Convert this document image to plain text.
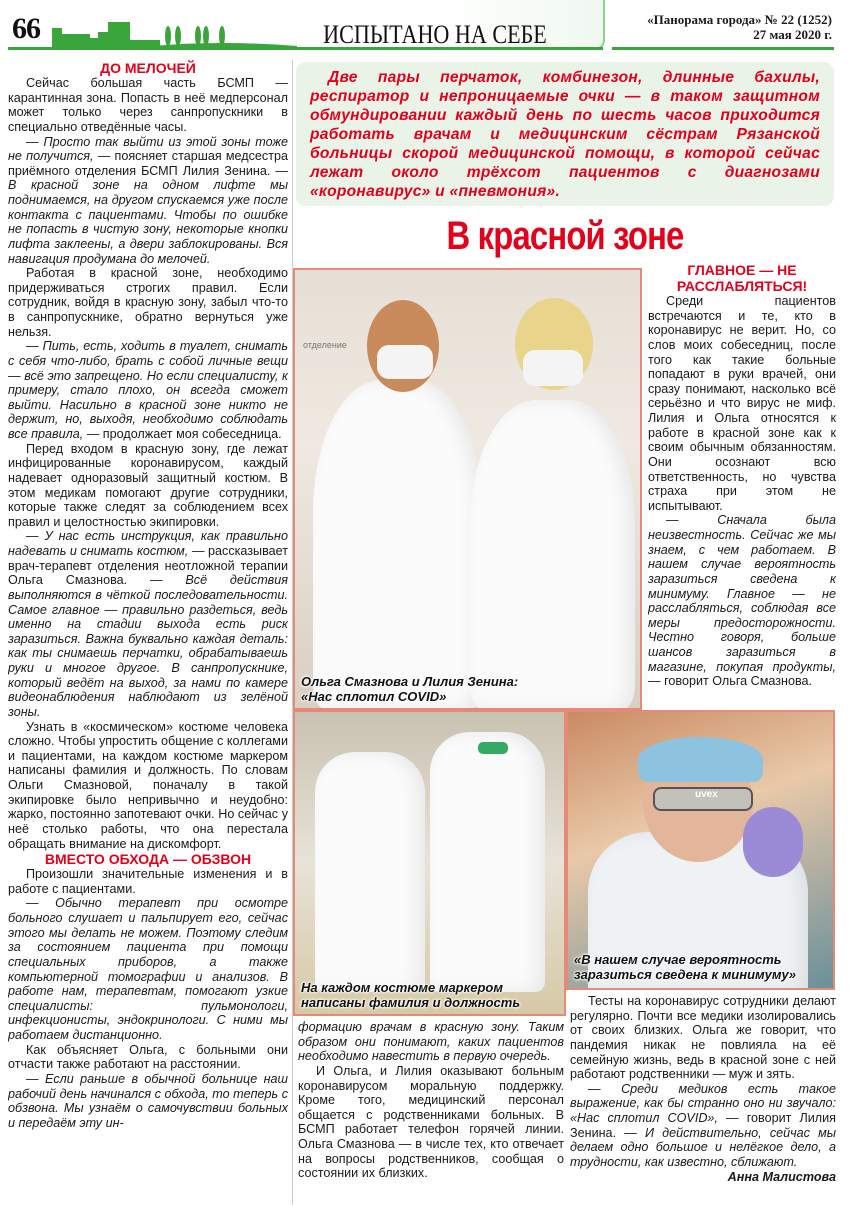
66	ИСПЫТАНО НА СЕБЕ
«Панорама города» № 22 (1252)
27 мая 2020 г.

ДО МЕЛОЧЕЙ

Сейчас большая часть БСМП — карантинная зона. Попасть в неё медперсонал может только через санпропускники в специально отведённые часы.

— Просто так выйти из этой зоны тоже не получится, — поясняет старшая медсестра приёмного отделения БСМП Лилия Зенина. — В красной зоне на одном лифте мы поднимаемся, на другом спускаемся уже после контакта с пациентами. Чтобы по ошибке не попасть в чистую зону, некоторые кнопки лифта заклеены, а двери заблокированы. Вся навигация продумана до мелочей.

Работая в красной зоне, необходимо придерживаться строгих правил. Если сотрудник, войдя в красную зону, забыл что-то в санпропускнике, обратно вернуться уже нельзя.

— Пить, есть, ходить в туалет, снимать с себя что-либо, брать с собой личные вещи — всё это запрещено. Но если специалисту, к примеру, стало плохо, он всегда сможет выйти. Насильно в красной зоне никто не держит, но, выходя, необходимо соблюдать все правила, — продолжает моя собеседница.

Перед входом в красную зону, где лежат инфицированные коронавирусом, каждый надевает одноразовый защитный костюм. В этом медикам помогают другие сотрудники, которые также следят за соблюдением всех правил и целостностью экипировки.

— У нас есть инструкция, как правильно надевать и снимать костюм, — рассказывает врач-терапевт отделения неотложной терапии Ольга Смазнова. — Всё действия выполняются в чёткой последовательности. Самое главное — правильно раздеться, ведь именно на стадии выхода есть риск заразиться. Важна буквально каждая деталь: как ты снимаешь перчатки, обрабатываешь руки и многое другое. В санпропускнике, который ведёт на выход, за нами по камере видеонаблюдения наблюдают из зелёной зоны.

Узнать в «космическом» костюме человека сложно. Чтобы упростить общение с коллегами и пациентами, на каждом костюме маркером написаны фамилия и должность. По словам Ольги Смазновой, поначалу в такой экипировке было непривычно и неудобно: жарко, постоянно запотевают очки. Но сейчас у неё столько работы, что она перестала обращать внимание на дискомфорт.

ВМЕСТО ОБХОДА — ОБЗВОН

Произошли значительные изменения и в работе с пациентами.

— Обычно терапевт при осмотре больного слушает и пальпирует его, сейчас этого мы делать не можем. Поэтому следим за состоянием пациента при помощи специальных приборов, а также компьютерной томографии и анализов. В работе нам, терапевтам, помогают узкие специалисты: пульмонологи, инфекционисты, эндокринологи. С ними мы работаем дистанционно.

Как объясняет Ольга, с больными они отчасти также работают на расстоянии.

— Если раньше в обычной больнице наш рабочий день начинался с обхода, то теперь с обзвона. Мы узнаём о самочувствии больных и передаём эту ин-

Две пары перчаток, комбинезон, длинные бахилы, респиратор и непроницаемые очки — в таком защитном обмундировании каждый день по шесть часов приходится работать врачам и медицинским сёстрам Рязанской больницы скорой медицинской помощи, в которой сейчас лежат около трёхсот пациентов с диагнозами «коронавирус» и «пневмония».
В красной зоне
отделение
Ольга Смазнова и Лилия Зенина: «Нас сплотил COVID»
На каждом костюме маркером написаны фамилия и должность
uvex
«В нашем случае вероятность заразиться сведена к минимуму»

ГЛАВНОЕ — НЕ РАССЛАБЛЯТЬСЯ!

Среди пациентов встречаются и те, кто в коронавирус не верит. Но, со слов моих собеседниц, после того как такие больные попадают в руки врачей, они сразу понимают, насколько всё серьёзно и что вирус не миф. Лилия и Ольга относятся к работе в красной зоне как к своим обычным обязанностям. Они осознают всю ответственность, но чувства страха при этом не испытывают.

— Сначала была неизвестность. Сейчас же мы знаем, с чем работаем. В нашем случае вероятность заразиться сведена к минимуму. Главное — не расслабляться, соблюдая все меры предосторожности. Честно говоря, больше шансов заразиться в магазине, покупая продукты, — говорит Ольга Смазнова.

формацию врачам в красную зону. Таким образом они понимают, каких пациентов необходимо навестить в первую очередь.

И Ольга, и Лилия оказывают больным коронавирусом моральную поддержку. Кроме того, медицинский персонал общается с родственниками больных. В БСМП работает телефон горячей линии. Ольга Смазнова — в числе тех, кто отвечает на вопросы родственников, сообщая о состоянии их близких.

Тесты на коронавирус сотрудники делают регулярно. Почти все медики изолировались от своих близких. Ольга же говорит, что пандемия никак не повлияла на её семейную жизнь, ведь в красной зоне с ней работают родственники — муж и зять.

— Среди медиков есть такое выражение, как бы странно оно ни звучало: «Нас сплотил COVID», — говорит Лилия Зенина. — И действительно, сейчас мы делаем одно большое и нелёгкое дело, а трудности, как известно, сближают.

Анна Малистова
